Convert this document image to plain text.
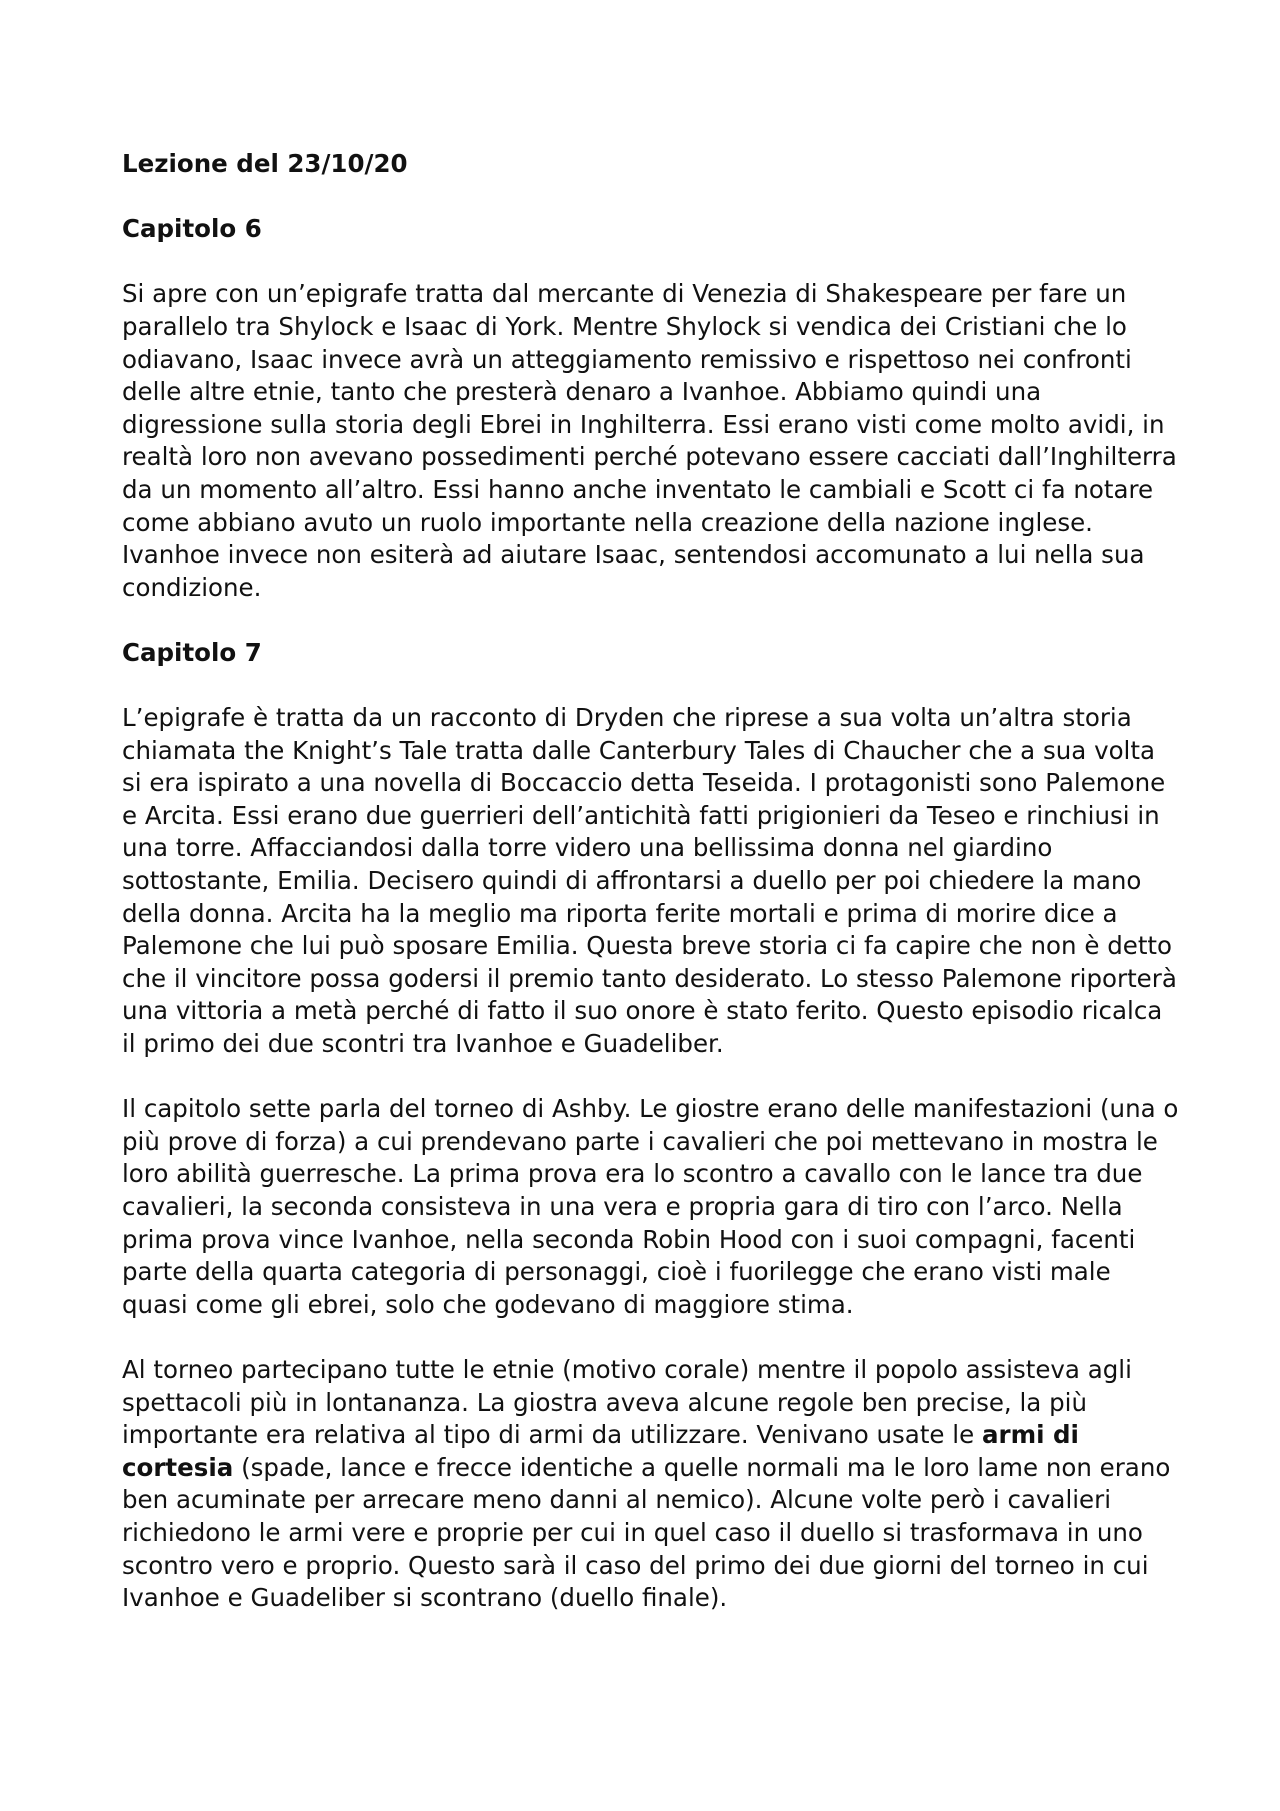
Lezione del 23/10/20
Capitolo 6

Si apre con un’epigrafe tratta dal mercante di Venezia di Shakespeare per fare un parallelo tra Shylock e Isaac di York. Mentre Shylock si vendica dei Cristiani che lo odiavano, Isaac invece avrà un atteggiamento remissivo e rispettoso nei confronti delle altre etnie, tanto che presterà denaro a Ivanhoe. Abbiamo quindi una digressione sulla storia degli Ebrei in Inghilterra. Essi erano visti come molto avidi, in realtà loro non avevano possedimenti perché potevano essere cacciati dall’Inghilterra da un momento all’altro. Essi hanno anche inventato le cambiali e Scott ci fa notare come abbiano avuto un ruolo importante nella creazione della nazione inglese. Ivanhoe invece non esiterà ad aiutare Isaac, sentendosi accomunato a lui nella sua condizione.

Capitolo 7

L’epigrafe è tratta da un racconto di Dryden che riprese a sua volta un’altra storia chiamata the Knight’s Tale tratta dalle Canterbury Tales di Chaucher che a sua volta si era ispirato a una novella di Boccaccio detta Teseida. I protagonisti sono Palemone e Arcita. Essi erano due guerrieri dell’antichità fatti prigionieri da Teseo e rinchiusi in una torre. Affacciandosi dalla torre videro una bellissima donna nel giardino sottostante, Emilia. Decisero quindi di affrontarsi a duello per poi chiedere la mano della donna. Arcita ha la meglio ma riporta ferite mortali e prima di morire dice a Palemone che lui può sposare Emilia. Questa breve storia ci fa capire che non è detto che il vincitore possa godersi il premio tanto desiderato. Lo stesso Palemone riporterà una vittoria a metà perché di fatto il suo onore è stato ferito. Questo episodio ricalca il primo dei due scontri tra Ivanhoe e Guadeliber.

Il capitolo sette parla del torneo di Ashby. Le giostre erano delle manifestazioni (una o più prove di forza) a cui prendevano parte i cavalieri che poi mettevano in mostra le loro abilità guerresche. La prima prova era lo scontro a cavallo con le lance tra due cavalieri, la seconda consisteva in una vera e propria gara di tiro con l’arco. Nella prima prova vince Ivanhoe, nella seconda Robin Hood con i suoi compagni, facenti parte della quarta categoria di personaggi, cioè i fuorilegge che erano visti male quasi come gli ebrei, solo che godevano di maggiore stima.

Al torneo partecipano tutte le etnie (motivo corale) mentre il popolo assisteva agli spettacoli più in lontananza. La giostra aveva alcune regole ben precise, la più importante era relativa al tipo di armi da utilizzare. Venivano usate le armi di cortesia (spade, lance e frecce identiche a quelle normali ma le loro lame non erano ben acuminate per arrecare meno danni al nemico). Alcune volte però i cavalieri richiedono le armi vere e proprie per cui in quel caso il duello si trasformava in uno scontro vero e proprio. Questo sarà il caso del primo dei due giorni del torneo in cui Ivanhoe e Guadeliber si scontrano (duello finale).
